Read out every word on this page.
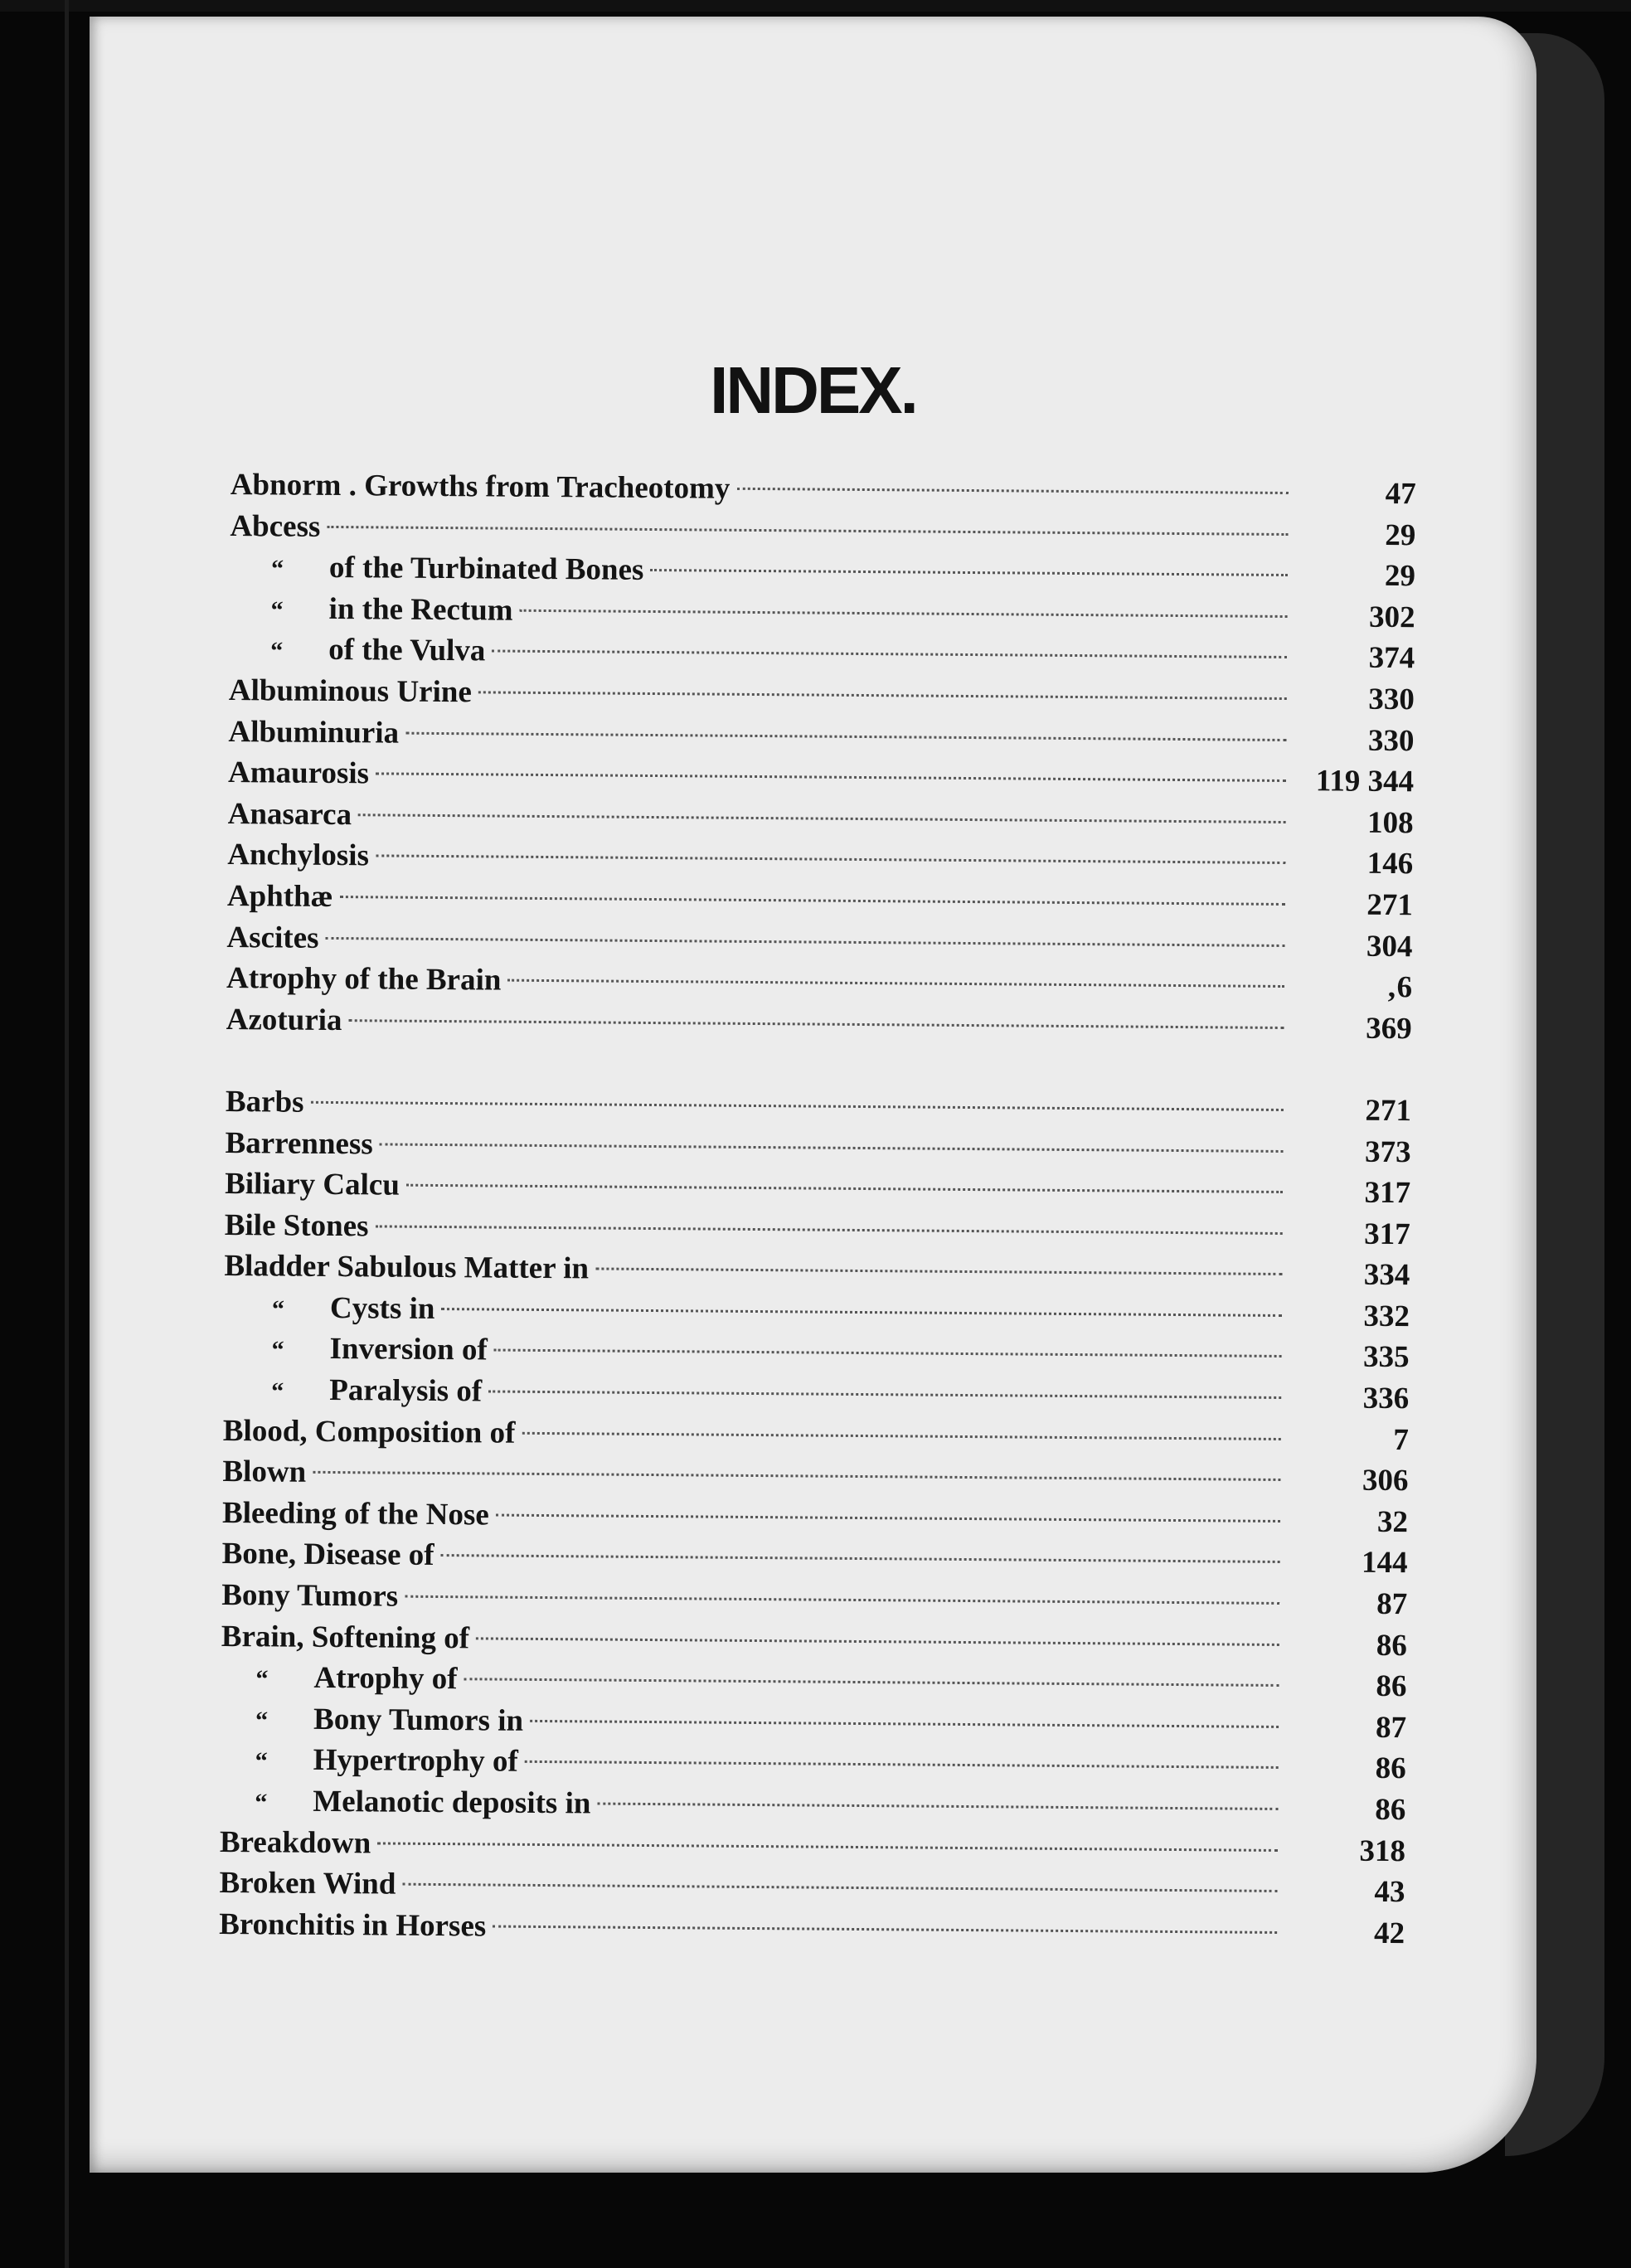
INDEX.
Abnorm . Growths from Tracheotomy	47
Abcess	29
“	of the Turbinated Bones	29
“	in the Rectum	302
“	of the Vulva	374
Albuminous Urine	330
Albuminuria	330
Amaurosis	119 344
Anasarca	108
Anchylosis	146
Aphthæ	271
Ascites	304
Atrophy of the Brain	‚6
Azoturia	369
Barbs	271
Barrenness	373
Biliary Calcu	317
Bile Stones	317
Bladder Sabulous Matter in	334
“	Cysts in	332
“	Inversion of	335
“	Paralysis of	336
Blood, Composition of	7
Blown	306
Bleeding of the Nose	32
Bone, Disease of	144
Bony Tumors	87
Brain, Softening of	86
“	Atrophy of	86
“	Bony Tumors in	87
“	Hypertrophy of	86
“	Melanotic deposits in	86
Breakdown	318
Broken Wind	43
Bronchitis in Horses	42
